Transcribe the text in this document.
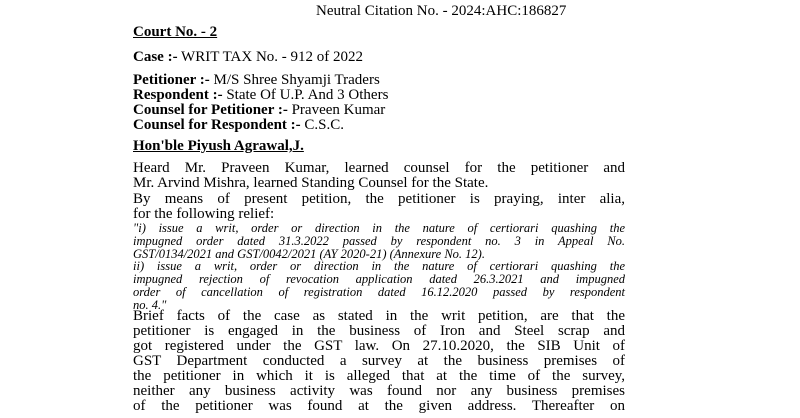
Neutral Citation No. - 2024:AHC:186827
Court No. - 2
Case :- WRIT TAX No. - 912 of 2022
Petitioner :- M/S Shree Shyamji Traders
Respondent :- State Of U.P. And 3 Others
Counsel for Petitioner :- Praveen Kumar
Counsel for Respondent :- C.S.C.
Hon'ble Piyush Agrawal,J.
Heard Mr. Praveen Kumar, learned counsel for the petitioner and
Mr. Arvind Mishra, learned Standing Counsel for the State.
By means of present petition, the petitioner is praying, inter alia,
for the following relief:
"i) issue a writ, order or direction in the nature of certiorari quashing the
impugned order dated 31.3.2022 passed by respondent no. 3 in Appeal No.
GST/0134/2021 and GST/0042/2021 (AY 2020-21) (Annexure No. 12).
ii) issue a writ, order or direction in the nature of certiorari quashing the
impugned rejection of revocation application dated 26.3.2021 and impugned
order of cancellation of registration dated 16.12.2020 passed by respondent
no. 4."
Brief facts of the case as stated in the writ petition, are that the
petitioner is engaged in the business of Iron and Steel scrap and
got registered under the GST law. On 27.10.2020, the SIB Unit of
GST Department conducted a survey at the business premises of
the petitioner in which it is alleged that at the time of the survey,
neither any business activity was found nor any business premises
of the petitioner was found at the given address. Thereafter on
